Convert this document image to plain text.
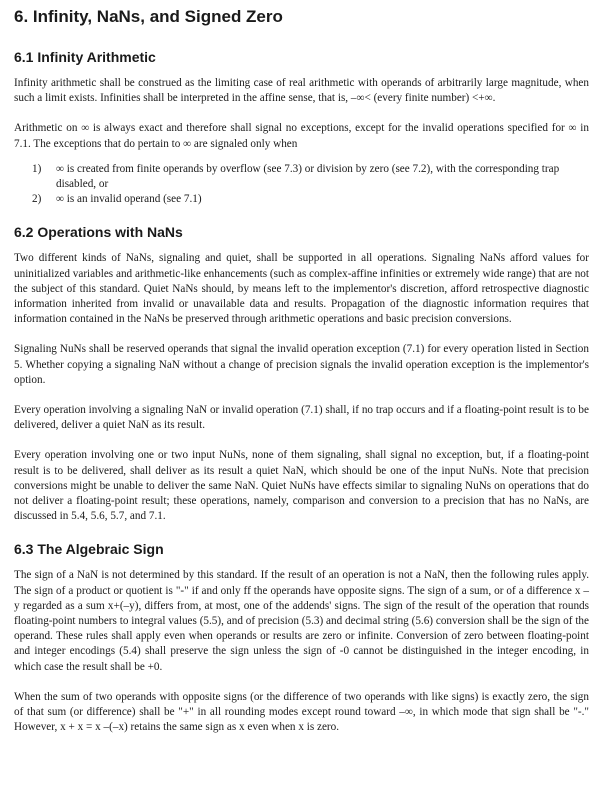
6. Infinity, NaNs, and Signed Zero
6.1 Infinity Arithmetic

Infinity arithmetic shall be construed as the limiting case of real arithmetic with operands of arbitrarily large magnitude, when such a limit exists. Infinities shall be interpreted in the affine sense, that is, –∞< (every finite number) <+∞.

Arithmetic on ∞ is always exact and therefore shall signal no exceptions, except for the invalid operations specified for ∞ in 7.1. The exceptions that do pertain to ∞ are signaled only when

1) ∞ is created from finite operands by overflow (see 7.3) or division by zero (see 7.2), with the corresponding trap disabled, or
2) ∞ is an invalid operand (see 7.1)
6.2 Operations with NaNs

Two different kinds of NaNs, signaling and quiet, shall be supported in all operations. Signaling NaNs afford values for uninitialized variables and arithmetic-like enhancements (such as complex-affine infinities or extremely wide range) that are not the subject of this standard. Quiet NaNs should, by means left to the implementor's discretion, afford retrospective diagnostic information inherited from invalid or unavailable data and results. Propagation of the diagnostic information requires that information contained in the NaNs be preserved through arithmetic operations and basic precision conversions.

Signaling NuNs shall be reserved operands that signal the invalid operation exception (7.1) for every operation listed in Section 5. Whether copying a signaling NaN without a change of precision signals the invalid operation exception is the implementor's option.

Every operation involving a signaling NaN or invalid operation (7.1) shall, if no trap occurs and if a floating-point result is to be delivered, deliver a quiet NaN as its result.

Every operation involving one or two input NuNs, none of them signaling, shall signal no exception, but, if a floating-point result is to be delivered, shall deliver as its result a quiet NaN, which should be one of the input NuNs. Note that precision conversions might be unable to deliver the same NaN. Quiet NuNs have effects similar to signaling NuNs on operations that do not deliver a floating-point result; these operations, namely, comparison and conversion to a precision that has no NaNs, are discussed in 5.4, 5.6, 5.7, and 7.1.

6.3 The Algebraic Sign

The sign of a NaN is not determined by this standard. If the result of an operation is not a NaN, then the following rules apply. The sign of a product or quotient is "-" if and only ff the operands have opposite signs. The sign of a sum, or of a difference x – y regarded as a sum x+(–y), differs from, at most, one of the addends' signs. The sign of the result of the operation that rounds floating-point numbers to integral values (5.5), and of precision (5.3) and decimal string (5.6) conversion shall be the sign of the operand. These rules shall apply even when operands or results are zero or infinite. Conversion of zero between floating-point and integer encodings (5.4) shall preserve the sign unless the sign of -0 cannot be distinguished in the integer encoding, in which case the result shall be +0.

When the sum of two operands with opposite signs (or the difference of two operands with like signs) is exactly zero, the sign of that sum (or difference) shall be "+" in all rounding modes except round toward –∞, in which mode that sign shall be "-." However, x + x = x –(–x) retains the same sign as x even when x is zero.
